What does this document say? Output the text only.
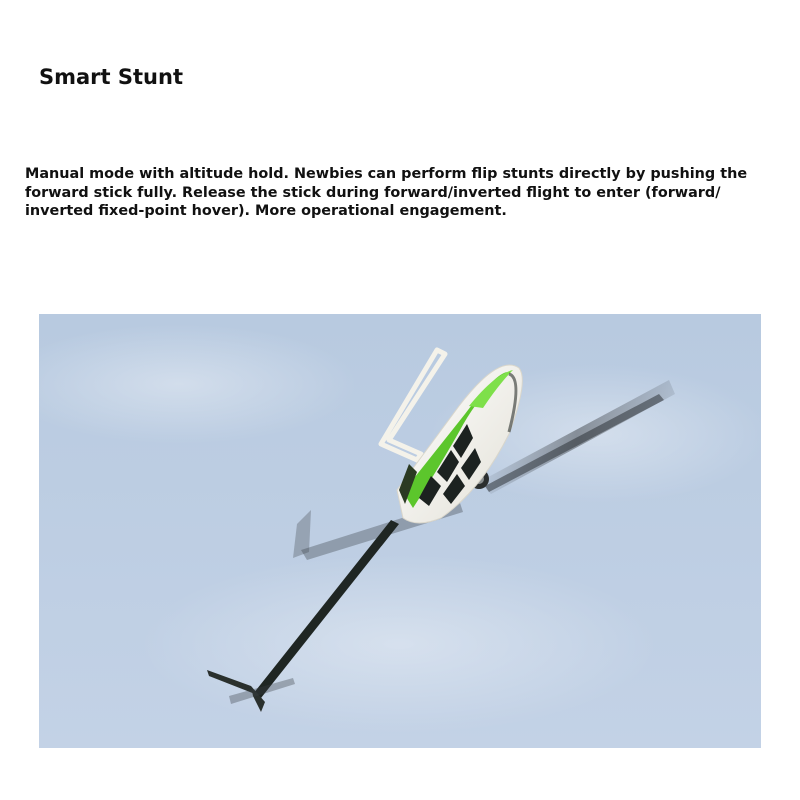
Smart Stunt

Manual mode with altitude hold. Newbies can perform flip stunts directly by pushing the forward stick fully. Release the stick during forward/inverted flight to enter (forward/ inverted fixed-point hover). More operational engagement.
